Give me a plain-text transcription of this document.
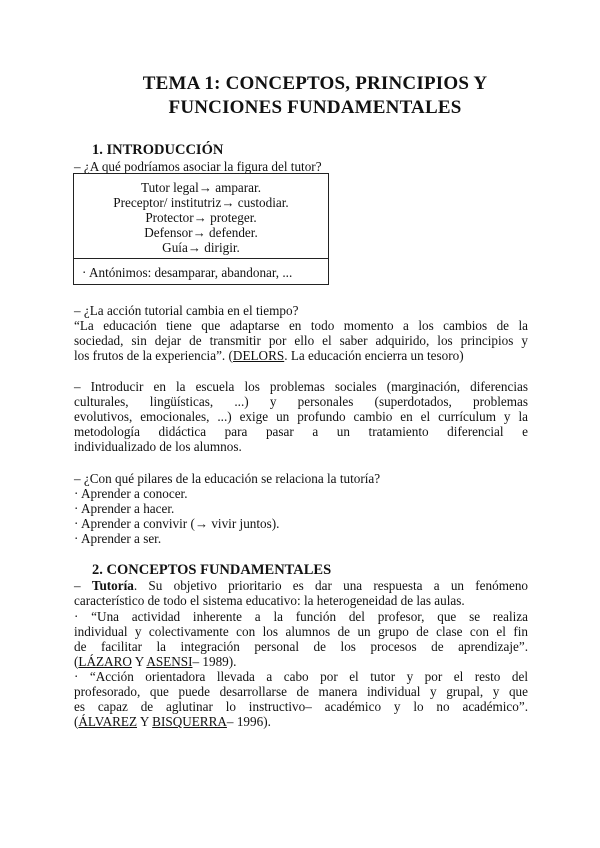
TEMA 1: CONCEPTOS, PRINCIPIOS Y
FUNCIONES FUNDAMENTALES
1. INTRODUCCIÓN
– ¿A qué podríamos asociar la figura del tutor?
Tutor legal→ amparar.
Preceptor/ institutriz→ custodiar.
Protector→ proteger.
Defensor→ defender.
Guía→ dirigir.
· Antónimos: desamparar, abandonar, ...
– ¿La acción tutorial cambia en el tiempo?
“La educación tiene que adaptarse en todo momento a los cambios de la
sociedad, sin dejar de transmitir por ello el saber adquirido, los principios y
los frutos de la experiencia”. (DELORS. La educación encierra un tesoro)
– Introducir en la escuela los problemas sociales (marginación, diferencias
culturales, lingüísticas, ...) y personales (superdotados, problemas
evolutivos, emocionales, ...) exige un profundo cambio en el currículum y la
metodología didáctica para pasar a un tratamiento diferencial e
individualizado de los alumnos.
– ¿Con qué pilares de la educación se relaciona la tutoría?
· Aprender a conocer.
· Aprender a hacer.
· Aprender a convivir (→ vivir juntos).
· Aprender a ser.
2. CONCEPTOS FUNDAMENTALES
– Tutoría. Su objetivo prioritario es dar una respuesta a un fenómeno
característico de todo el sistema educativo: la heterogeneidad de las aulas.
· “Una actividad inherente a la función del profesor, que se realiza
individual y colectivamente con los alumnos de un grupo de clase con el fin
de facilitar la integración personal de los procesos de aprendizaje”.
(LÁZARO Y ASENSI– 1989).
· “Acción orientadora llevada a cabo por el tutor y por el resto del
profesorado, que puede desarrollarse de manera individual y grupal, y que
es capaz de aglutinar lo instructivo– académico y lo no académico”.
(ÁLVAREZ Y BISQUERRA– 1996).
